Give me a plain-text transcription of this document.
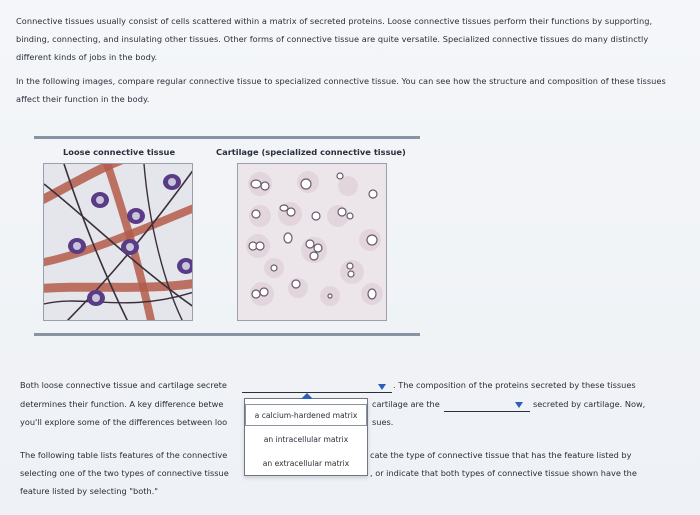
Connective tissues usually consist of cells scattered within a matrix of secreted proteins. Loose connective tissues perform their functions by supporting, binding, connecting, and insulating other tissues. Other forms of connective tissue are quite versatile. Specialized connective tissues do many distinctly different kinds of jobs in the body.

In the following images, compare regular connective tissue to specialized connective tissue. You can see how the structure and composition of these tissues affect their function in the body.

Loose connective tissue	Cartilage (specialized connective tissue)
Both loose connective tissue and cartilage secrete	. The composition of the proteins secreted by these tissues
determines their function. A key difference betwe	cartilage are the	secreted by cartilage. Now,
you'll explore some of the differences between loo	sues.
The following table lists features of the connective	cate the type of connective tissue that has the feature listed by
selecting one of the two types of connective tissue	, or indicate that both types of connective tissue shown have the
feature listed by selecting "both."
a calcium-hardened matrix
an intracellular matrix
an extracellular matrix
